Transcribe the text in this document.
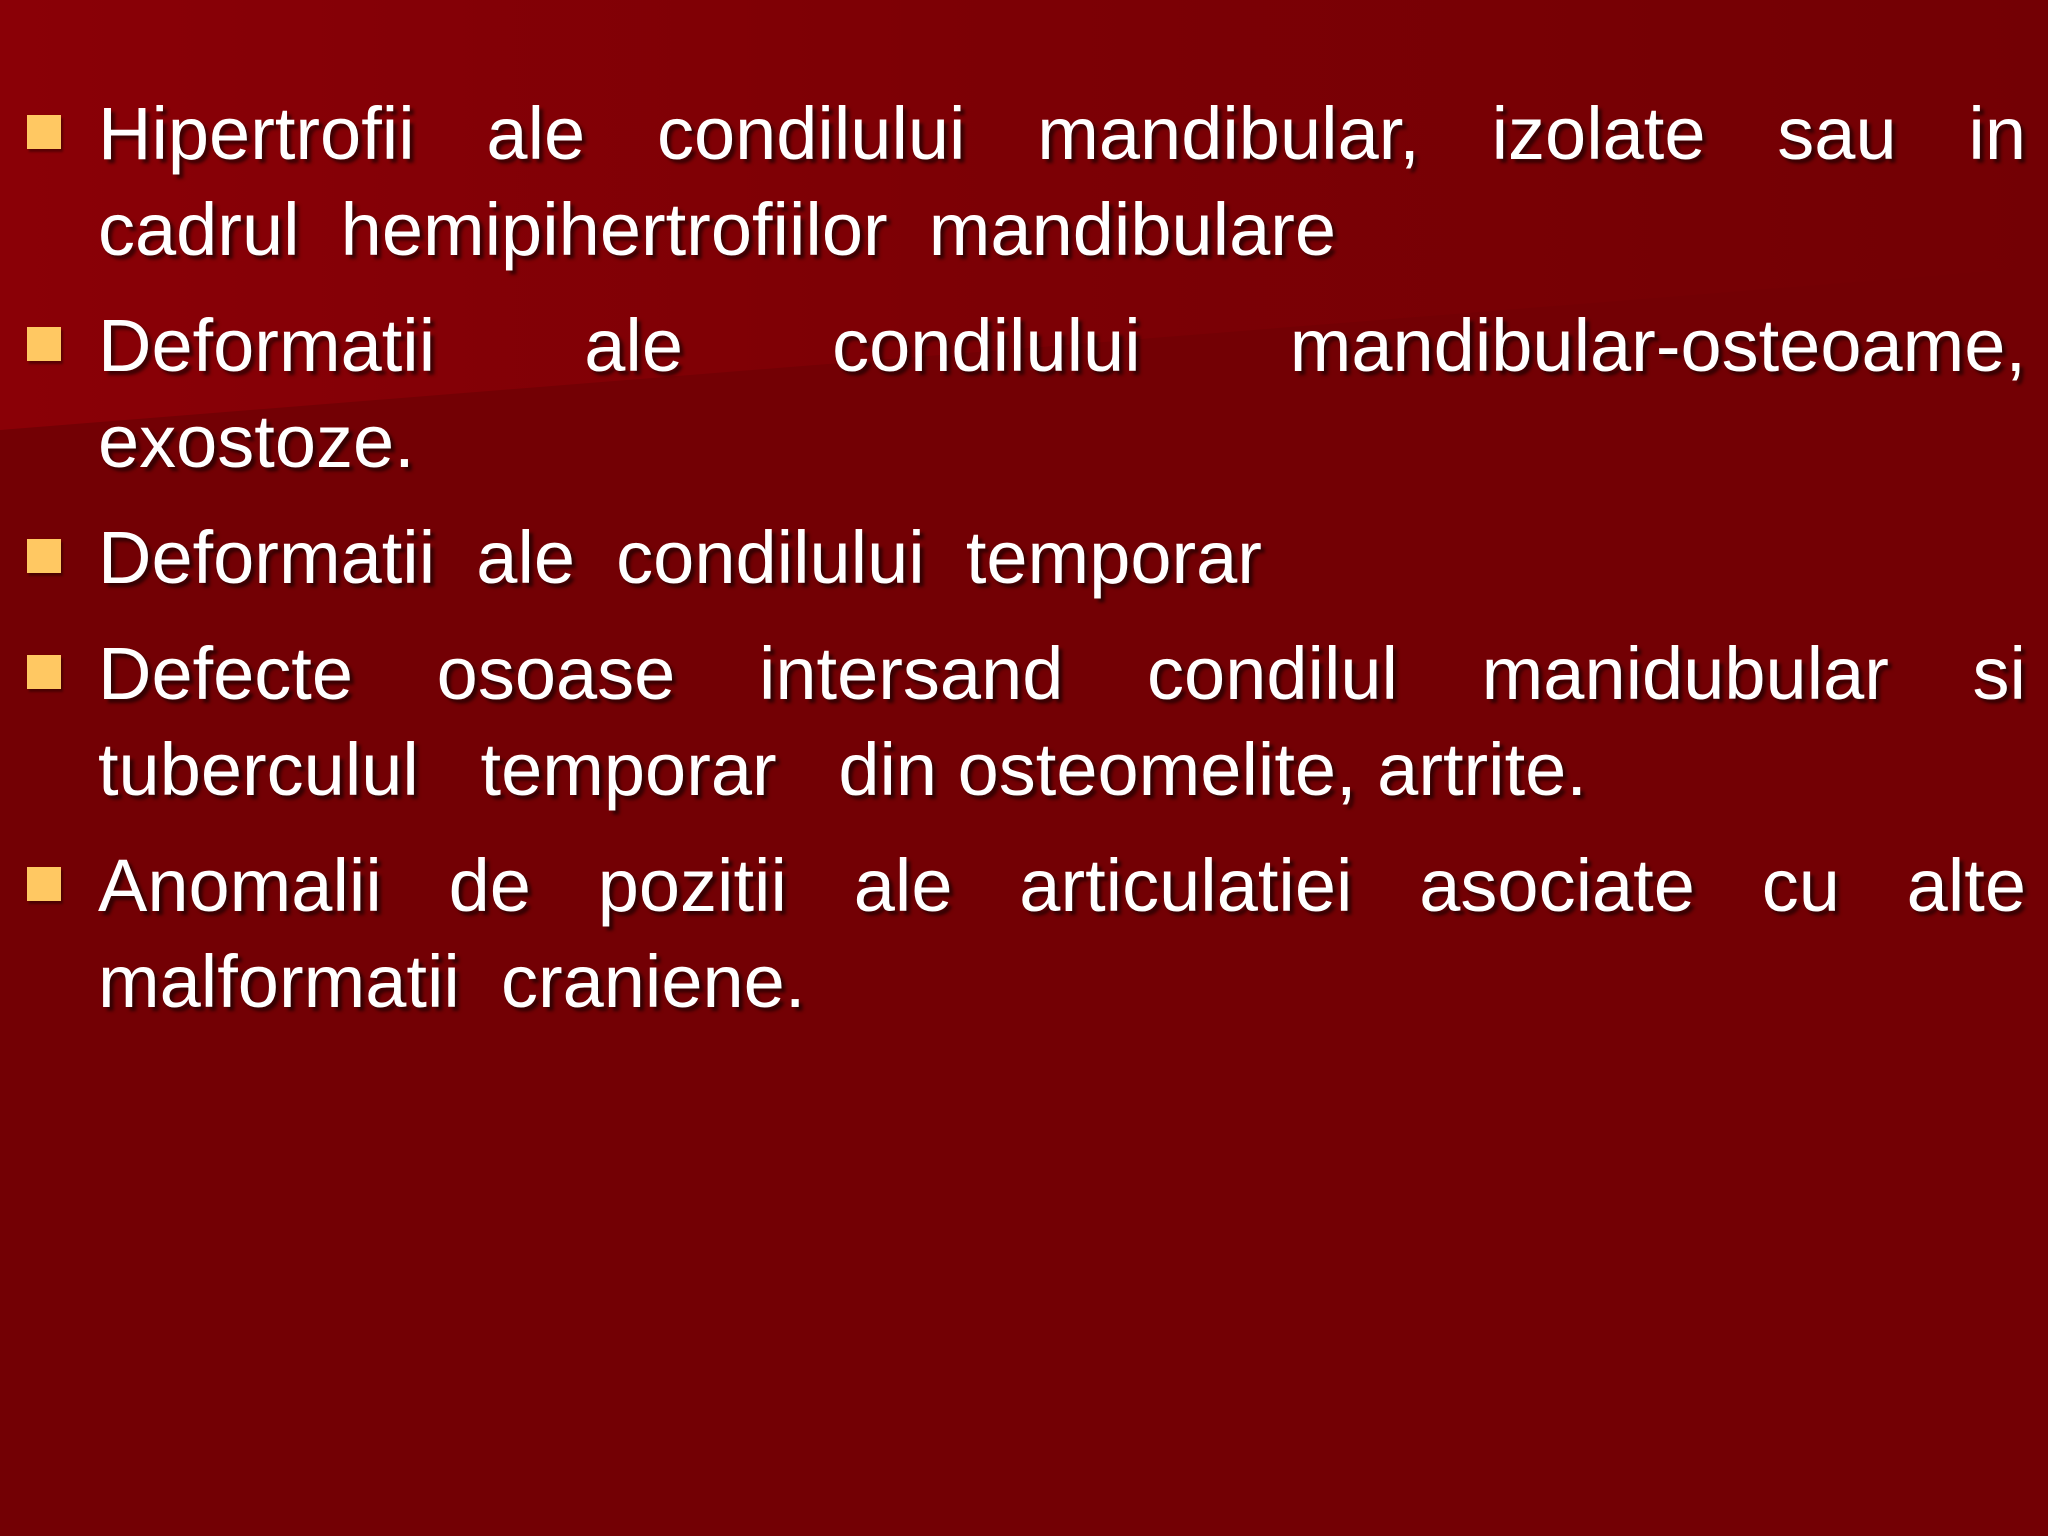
Hipertrofii  ale  condilului  mandibular,  izolate  sau  in cadrul  hemipihertrofiilor  mandibulare
Deformatii   ale   condilului   mandibular-osteoame, exostoze.
Deformatii  ale  condilului  temporar
Defecte  osoase  intersand  condilul  manidubular  si tuberculul   temporar   din osteomelite, artrite.
Anomalii  de  pozitii  ale  articulatiei  asociate  cu  alte malformatii  craniene.
